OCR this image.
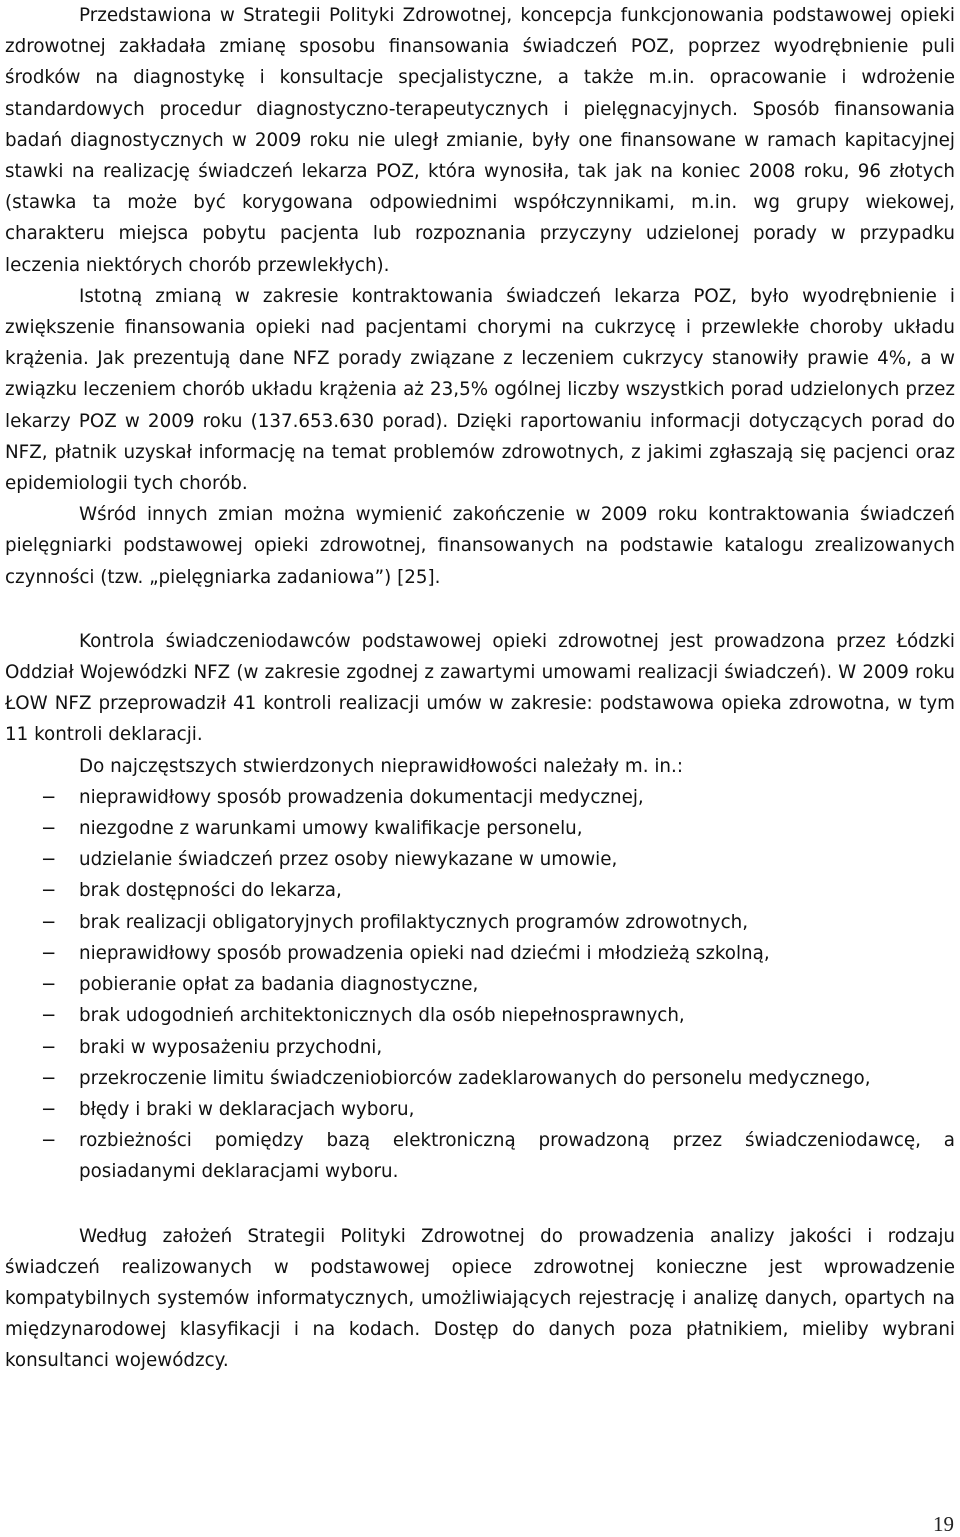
Przedstawiona w Strategii Polityki Zdrowotnej, koncepcja funkcjonowania podstawowej opieki zdrowotnej zakładała zmianę sposobu finansowania świadczeń POZ, poprzez wyodrębnienie puli środków na diagnostykę i konsultacje specjalistyczne, a także m.in. opracowanie i wdrożenie standardowych procedur diagnostyczno-terapeutycznych i pielęgnacyjnych. Sposób finansowania badań diagnostycznych w 2009 roku nie uległ zmianie, były one finansowane w ramach kapitacyjnej stawki na realizację świadczeń lekarza POZ, która wynosiła, tak jak na koniec 2008 roku, 96 złotych (stawka ta może być korygowana odpowiednimi współczynnikami, m.in. wg grupy wiekowej, charakteru miejsca pobytu pacjenta lub rozpoznania przyczyny udzielonej porady w przypadku leczenia niektórych chorób przewlekłych).

Istotną zmianą w zakresie kontraktowania świadczeń lekarza POZ, było wyodrębnienie i zwiększenie finansowania opieki nad pacjentami chorymi na cukrzycę i przewlekłe choroby układu krążenia. Jak prezentują dane NFZ porady związane z leczeniem cukrzycy stanowiły prawie 4%, a w związku leczeniem chorób układu krążenia aż 23,5% ogólnej liczby wszystkich porad udzielonych przez lekarzy POZ w 2009 roku (137.653.630 porad). Dzięki raportowaniu informacji dotyczących porad do NFZ, płatnik uzyskał informację na temat problemów zdrowotnych, z jakimi zgłaszają się pacjenci oraz epidemiologii tych chorób.

Wśród innych zmian można wymienić zakończenie w 2009 roku kontraktowania świadczeń pielęgniarki podstawowej opieki zdrowotnej, finansowanych na podstawie katalogu zrealizowanych czynności (tzw. „pielęgniarka zadaniowa”) [25].

Kontrola świadczeniodawców podstawowej opieki zdrowotnej jest prowadzona przez Łódzki Oddział Wojewódzki NFZ (w zakresie zgodnej z zawartymi umowami realizacji świadczeń). W 2009 roku ŁOW NFZ przeprowadził 41 kontroli realizacji umów w zakresie: podstawowa opieka zdrowotna, w tym 11 kontroli deklaracji.

Do najczęstszych stwierdzonych nieprawidłowości należały m. in.:

− nieprawidłowy sposób prowadzenia dokumentacji medycznej,
− niezgodne z warunkami umowy kwalifikacje personelu,
− udzielanie świadczeń przez osoby niewykazane w umowie,
− brak dostępności do lekarza,
− brak realizacji obligatoryjnych profilaktycznych programów zdrowotnych,
− nieprawidłowy sposób prowadzenia opieki nad dziećmi i młodzieżą szkolną,
− pobieranie opłat za badania diagnostyczne,
− brak udogodnień architektonicznych dla osób niepełnosprawnych,
− braki w wyposażeniu przychodni,
− przekroczenie limitu świadczeniobiorców zadeklarowanych do personelu medycznego,
− błędy i braki w deklaracjach wyboru,
− rozbieżności pomiędzy bazą elektroniczną prowadzoną przez świadczeniodawcę, a posiadanymi deklaracjami wyboru.

Według założeń Strategii Polityki Zdrowotnej do prowadzenia analizy jakości i rodzaju świadczeń realizowanych w podstawowej opiece zdrowotnej konieczne jest wprowadzenie kompatybilnych systemów informatycznych, umożliwiających rejestrację i analizę danych, opartych na międzynarodowej klasyfikacji i na kodach. Dostęp do danych poza płatnikiem, mieliby wybrani konsultanci wojewódzcy.

19
